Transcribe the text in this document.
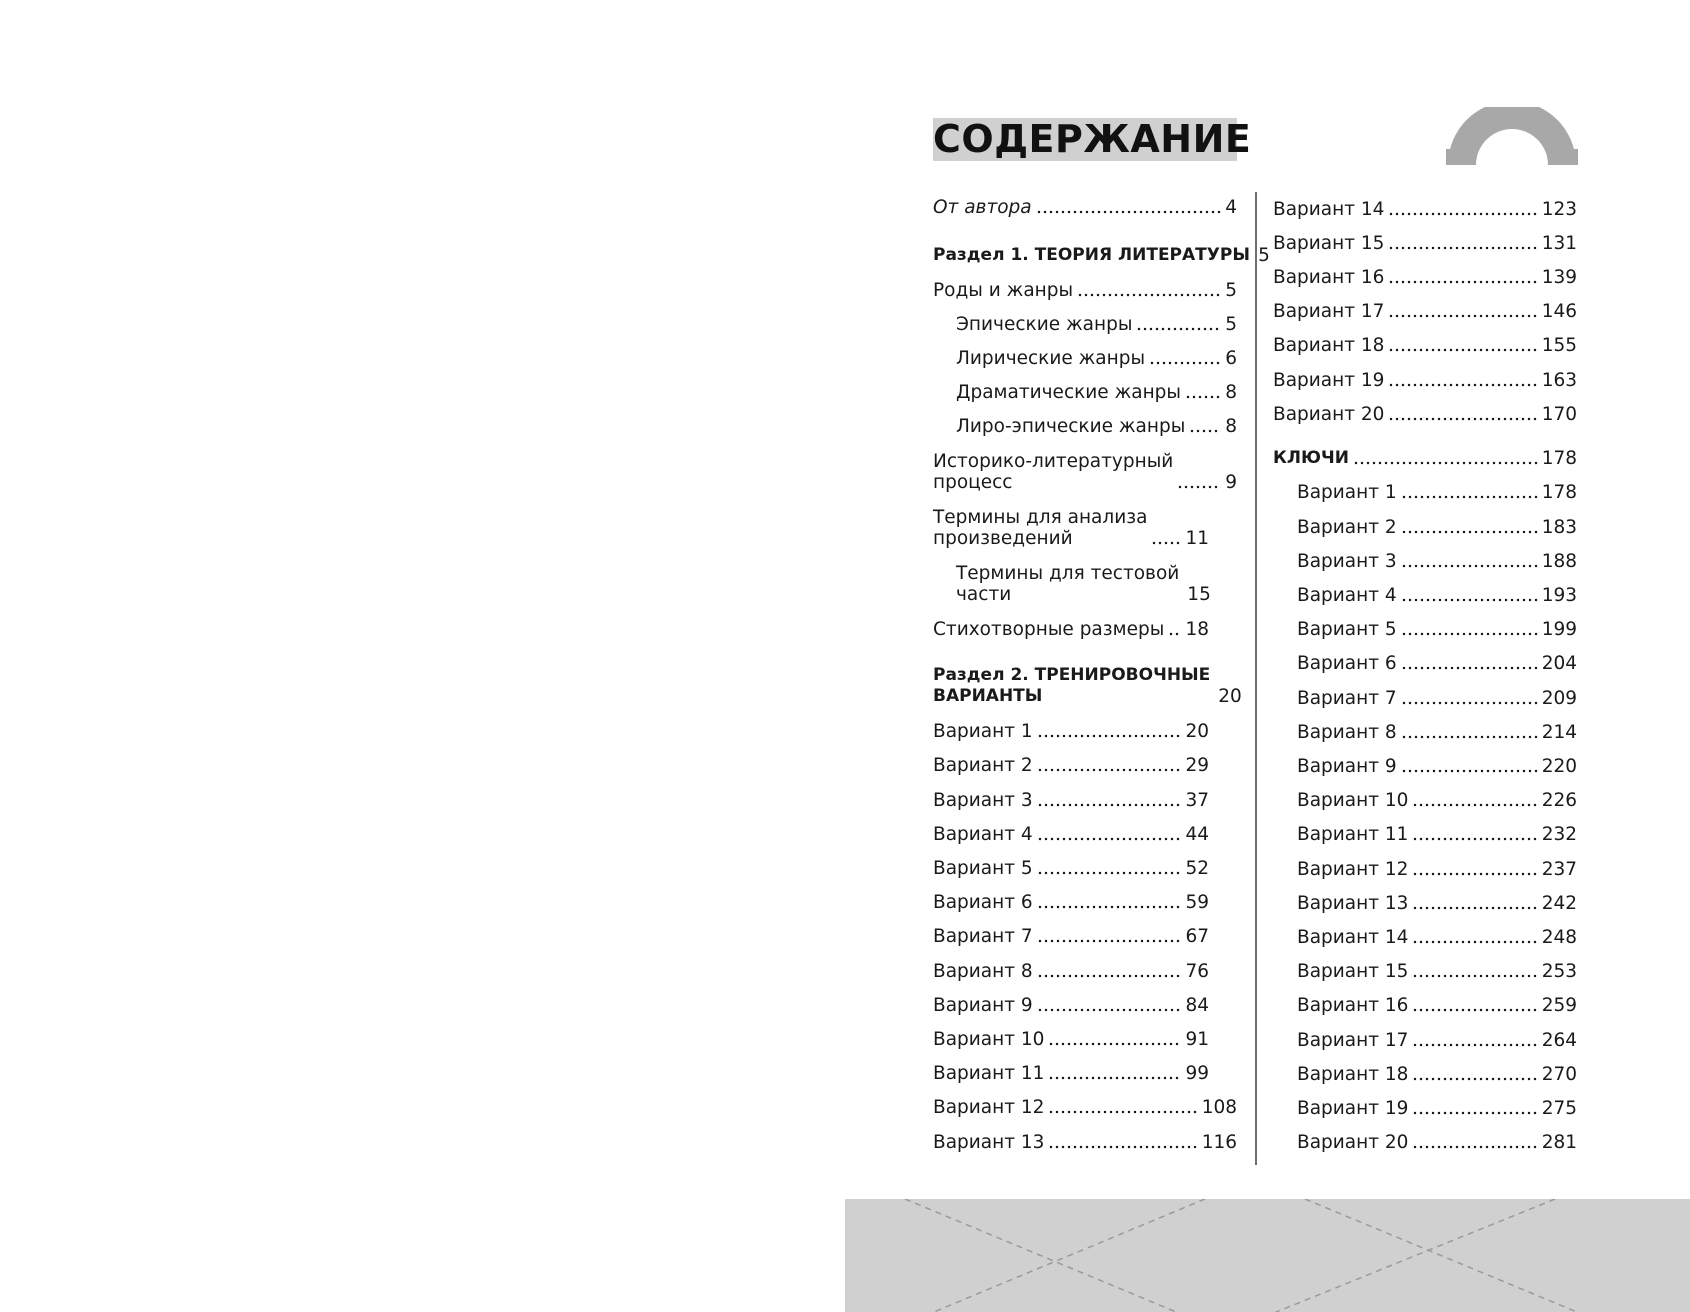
СОДЕРЖАНИЕ
От автора	4
Раздел 1. ТЕОРИЯ ЛИТЕРАТУРЫ 5
Роды и жанры	5
Эпические жанры	5
Лирические жанры	6
Драматические жанры 8
Лиро-эпические жанры 8
Историко-литературный
процесс	9
Термины для анализа
произведений	11
Термины для тестовой
части	15
Стихотворные размеры 18
Раздел 2. ТРЕНИРОВОЧНЫЕ
ВАРИАНТЫ	20
Вариант 1	20
Вариант 2	29
Вариант 3	37
Вариант 4	44
Вариант 5	52
Вариант 6	59
Вариант 7	67
Вариант 8	76
Вариант 9	84
Вариант 10	91
Вариант 11	99
Вариант 12	108
Вариант 13	116
Вариант 14	123
Вариант 15	131
Вариант 16	139
Вариант 17	146
Вариант 18	155
Вариант 19	163
Вариант 20	170
КЛЮЧИ	178
Вариант 1	178
Вариант 2	183
Вариант 3	188
Вариант 4	193
Вариант 5	199
Вариант 6	204
Вариант 7	209
Вариант 8	214
Вариант 9	220
Вариант 10	226
Вариант 11	232
Вариант 12	237
Вариант 13	242
Вариант 14	248
Вариант 15	253
Вариант 16	259
Вариант 17	264
Вариант 18	270
Вариант 19	275
Вариант 20	281
